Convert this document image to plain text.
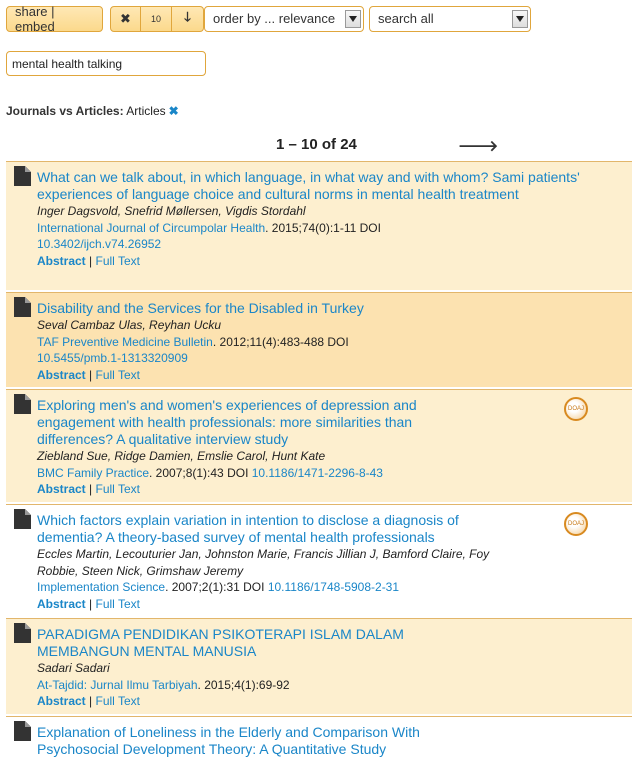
share | embed
✖	10	🡓	order by ... relevance	search all
mental health talking
Journals vs Articles: Articles ✖
1 – 10 of 24	🡒
What can we talk about, in which language, in what way and with whom? Sami patients' experiences of language choice and cultural norms in mental health treatment
Inger Dagsvold, Snefrid Møllersen, Vigdis Stordahl
International Journal of Circumpolar Health. 2015;74(0):1-11 DOI
10.3402/ijch.v74.26952
Abstract | Full Text
Disability and the Services for the Disabled in Turkey
Seval Cambaz Ulas, Reyhan Ucku
TAF Preventive Medicine Bulletin. 2012;11(4):483-488 DOI
10.5455/pmb.1-1313320909
Abstract | Full Text
Exploring men's and women's experiences of depression and engagement with health professionals: more similarities than differences? A qualitative interview study
Ziebland Sue, Ridge Damien, Emslie Carol, Hunt Kate
BMC Family Practice. 2007;8(1):43 DOI 10.1186/1471-2296-8-43
Abstract | Full Text
DOAJ
Which factors explain variation in intention to disclose a diagnosis of dementia? A theory-based survey of mental health professionals
Eccles Martin, Lecouturier Jan, Johnston Marie, Francis Jillian J, Bamford Claire, Foy Robbie, Steen Nick, Grimshaw Jeremy
Implementation Science. 2007;2(1):31 DOI 10.1186/1748-5908-2-31
Abstract | Full Text
DOAJ
PARADIGMA PENDIDIKAN PSIKOTERAPI ISLAM DALAM MEMBANGUN MENTAL MANUSIA
Sadari Sadari
At-Tajdid: Jurnal Ilmu Tarbiyah. 2015;4(1):69-92
Abstract | Full Text
Explanation of Loneliness in the Elderly and Comparison With Psychosocial Development Theory: A Quantitative Study
